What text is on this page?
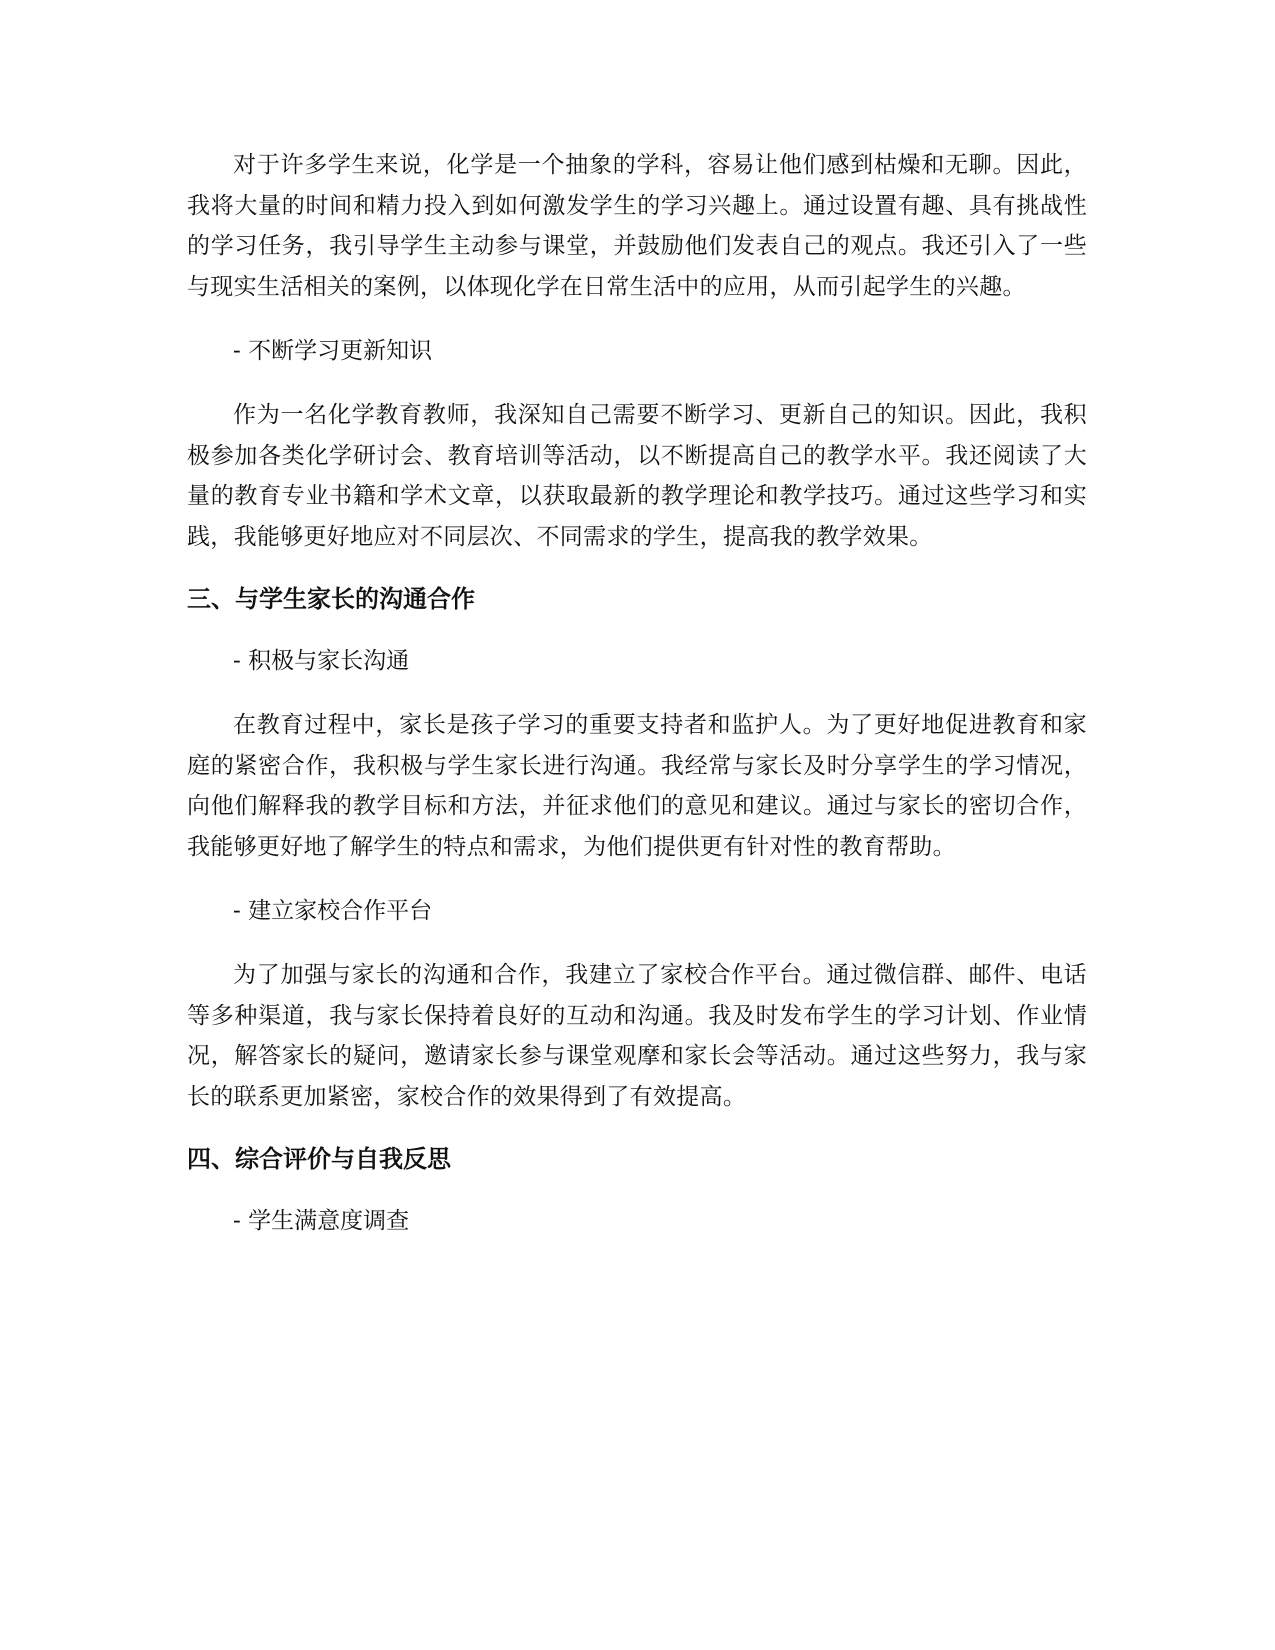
对于许多学生来说，化学是一个抽象的学科，容易让他们感到枯燥和无聊。因此，我将大量的时间和精力投入到如何激发学生的学习兴趣上。通过设置有趣、具有挑战性的学习任务，我引导学生主动参与课堂，并鼓励他们发表自己的观点。我还引入了一些与现实生活相关的案例，以体现化学在日常生活中的应用，从而引起学生的兴趣。

- 不断学习更新知识

作为一名化学教育教师，我深知自己需要不断学习、更新自己的知识。因此，我积极参加各类化学研讨会、教育培训等活动，以不断提高自己的教学水平。我还阅读了大量的教育专业书籍和学术文章，以获取最新的教学理论和教学技巧。通过这些学习和实践，我能够更好地应对不同层次、不同需求的学生，提高我的教学效果。

三、与学生家长的沟通合作

- 积极与家长沟通

在教育过程中，家长是孩子学习的重要支持者和监护人。为了更好地促进教育和家庭的紧密合作，我积极与学生家长进行沟通。我经常与家长及时分享学生的学习情况，向他们解释我的教学目标和方法，并征求他们的意见和建议。通过与家长的密切合作，我能够更好地了解学生的特点和需求，为他们提供更有针对性的教育帮助。

- 建立家校合作平台

为了加强与家长的沟通和合作，我建立了家校合作平台。通过微信群、邮件、电话等多种渠道，我与家长保持着良好的互动和沟通。我及时发布学生的学习计划、作业情况，解答家长的疑问，邀请家长参与课堂观摩和家长会等活动。通过这些努力，我与家长的联系更加紧密，家校合作的效果得到了有效提高。

四、综合评价与自我反思

- 学生满意度调查
